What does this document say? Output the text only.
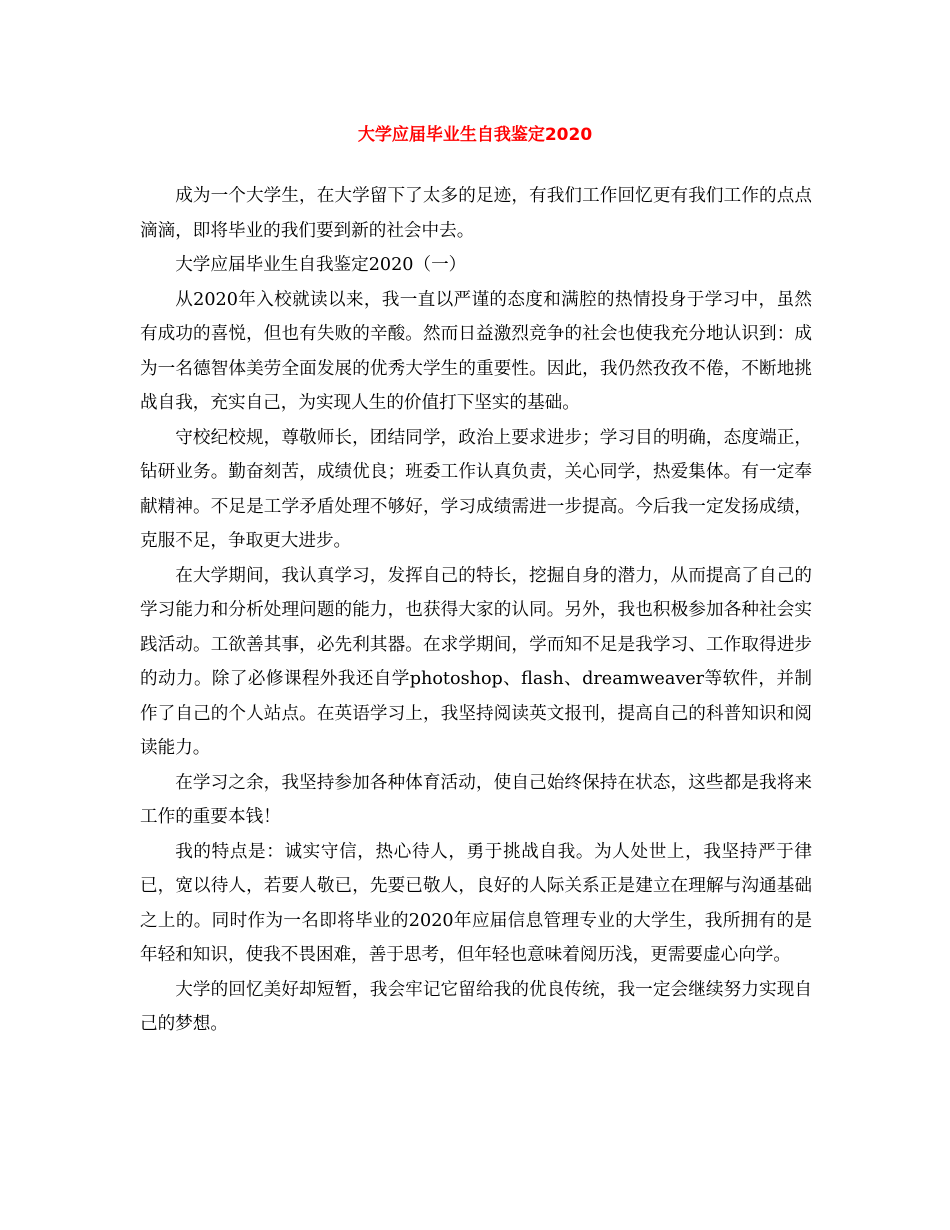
大学应届毕业生自我鉴定2020

成为一个大学生，在大学留下了太多的足迹，有我们工作回忆更有我们工作的点点滴滴，即将毕业的我们要到新的社会中去。

大学应届毕业生自我鉴定2020（一）

从2020年入校就读以来，我一直以严谨的态度和满腔的热情投身于学习中，虽然有成功的喜悦，但也有失败的辛酸。然而日益激烈竞争的社会也使我充分地认识到：成为一名德智体美劳全面发展的优秀大学生的重要性。因此，我仍然孜孜不倦，不断地挑战自我，充实自己，为实现人生的价值打下坚实的基础。

守校纪校规，尊敬师长，团结同学，政治上要求进步；学习目的明确，态度端正，钻研业务。勤奋刻苦，成绩优良；班委工作认真负责，关心同学，热爱集体。有一定奉献精神。不足是工学矛盾处理不够好，学习成绩需进一步提高。今后我一定发扬成绩，克服不足，争取更大进步。

在大学期间，我认真学习，发挥自己的特长，挖掘自身的潜力，从而提高了自己的学习能力和分析处理问题的能力，也获得大家的认同。另外，我也积极参加各种社会实践活动。工欲善其事，必先利其器。在求学期间，学而知不足是我学习、工作取得进步的动力。除了必修课程外我还自学photoshop、flash、dreamweaver等软件，并制作了自己的个人站点。在英语学习上，我坚持阅读英文报刊，提高自己的科普知识和阅读能力。

在学习之余，我坚持参加各种体育活动，使自己始终保持在状态，这些都是我将来工作的重要本钱！

我的特点是：诚实守信，热心待人，勇于挑战自我。为人处世上，我坚持严于律已，宽以待人，若要人敬已，先要已敬人，良好的人际关系正是建立在理解与沟通基础之上的。同时作为一名即将毕业的2020年应届信息管理专业的大学生，我所拥有的是年轻和知识，使我不畏困难，善于思考，但年轻也意味着阅历浅，更需要虚心向学。

大学的回忆美好却短暂，我会牢记它留给我的优良传统，我一定会继续努力实现自己的梦想。
